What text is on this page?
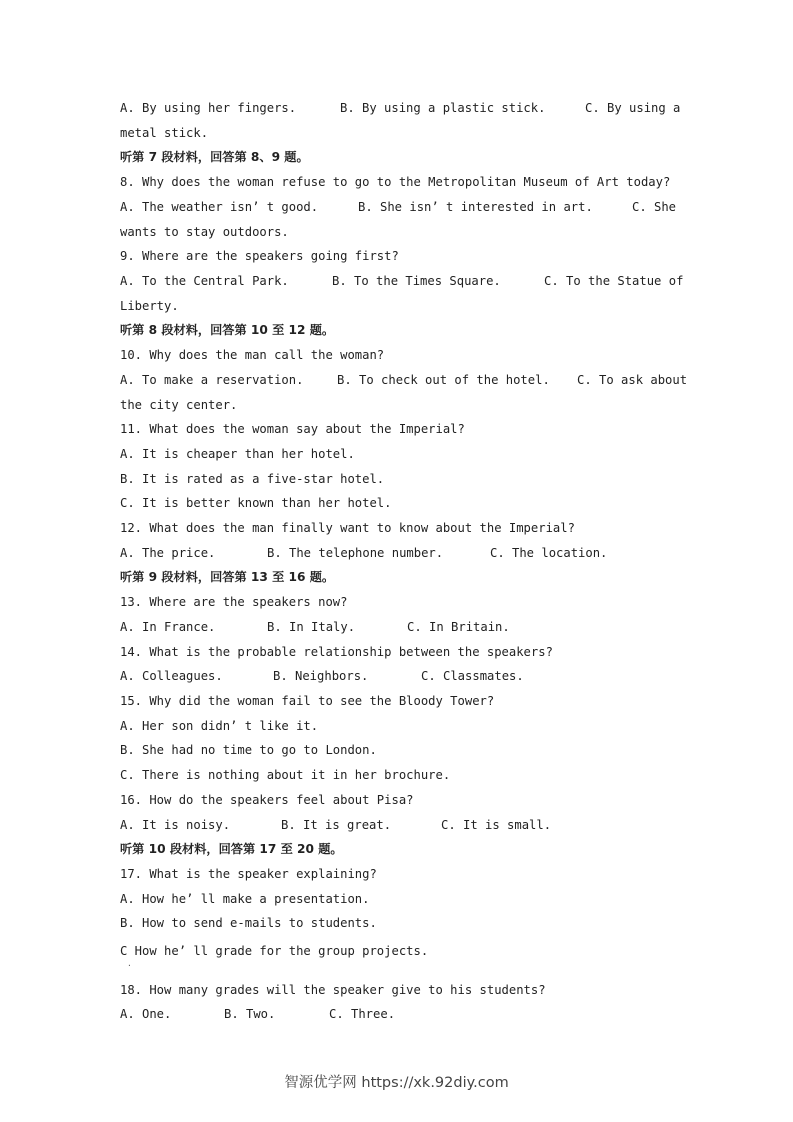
A. By using her fingers.	B. By using a plastic stick.	C. By using a
metal stick.
听第 7 段材料，回答第 8、9 题。
8. Why does the woman refuse to go to the Metropolitan Museum of Art today?
A. The weather isn’ t good.	B. She isn’ t interested in art.	C. She
wants to stay outdoors.
9. Where are the speakers going first?
A. To the Central Park.	B. To the Times Square.	C. To the Statue of
Liberty.
听第 8 段材料，回答第 10 至 12 题。
10. Why does the man call the woman?
A. To make a reservation.	B. To check out of the hotel. C. To ask about
the city center.
11. What does the woman say about the Imperial?
A. It is cheaper than her hotel.
B. It is rated as a five-star hotel.
C. It is better known than her hotel.
12. What does the man finally want to know about the Imperial?
A. The price.	B. The telephone number.	C. The location.
听第 9 段材料，回答第 13 至 16 题。
13. Where are the speakers now?
A. In France.	B. In Italy.	C. In Britain.
14. What is the probable relationship between the speakers?
A. Colleagues.	B. Neighbors.	C. Classmates.
15. Why did the woman fail to see the Bloody Tower?
A. Her son didn’ t like it.
B. She had no time to go to London.
C. There is nothing about it in her brochure.
16. How do the speakers feel about Pisa?
A. It is noisy.	B. It is great.	C. It is small.
听第 10 段材料，回答第 17 至 20 题。
17. What is the speaker explaining?
A. How he’ ll make a presentation.
B. How to send e-mails to students.
C How he’ ll grade for the group projects.
18. How many grades will the speaker give to his students?
A. One.	B. Two.	C. Three.
·
智源优学网 https://xk.92diy.com
